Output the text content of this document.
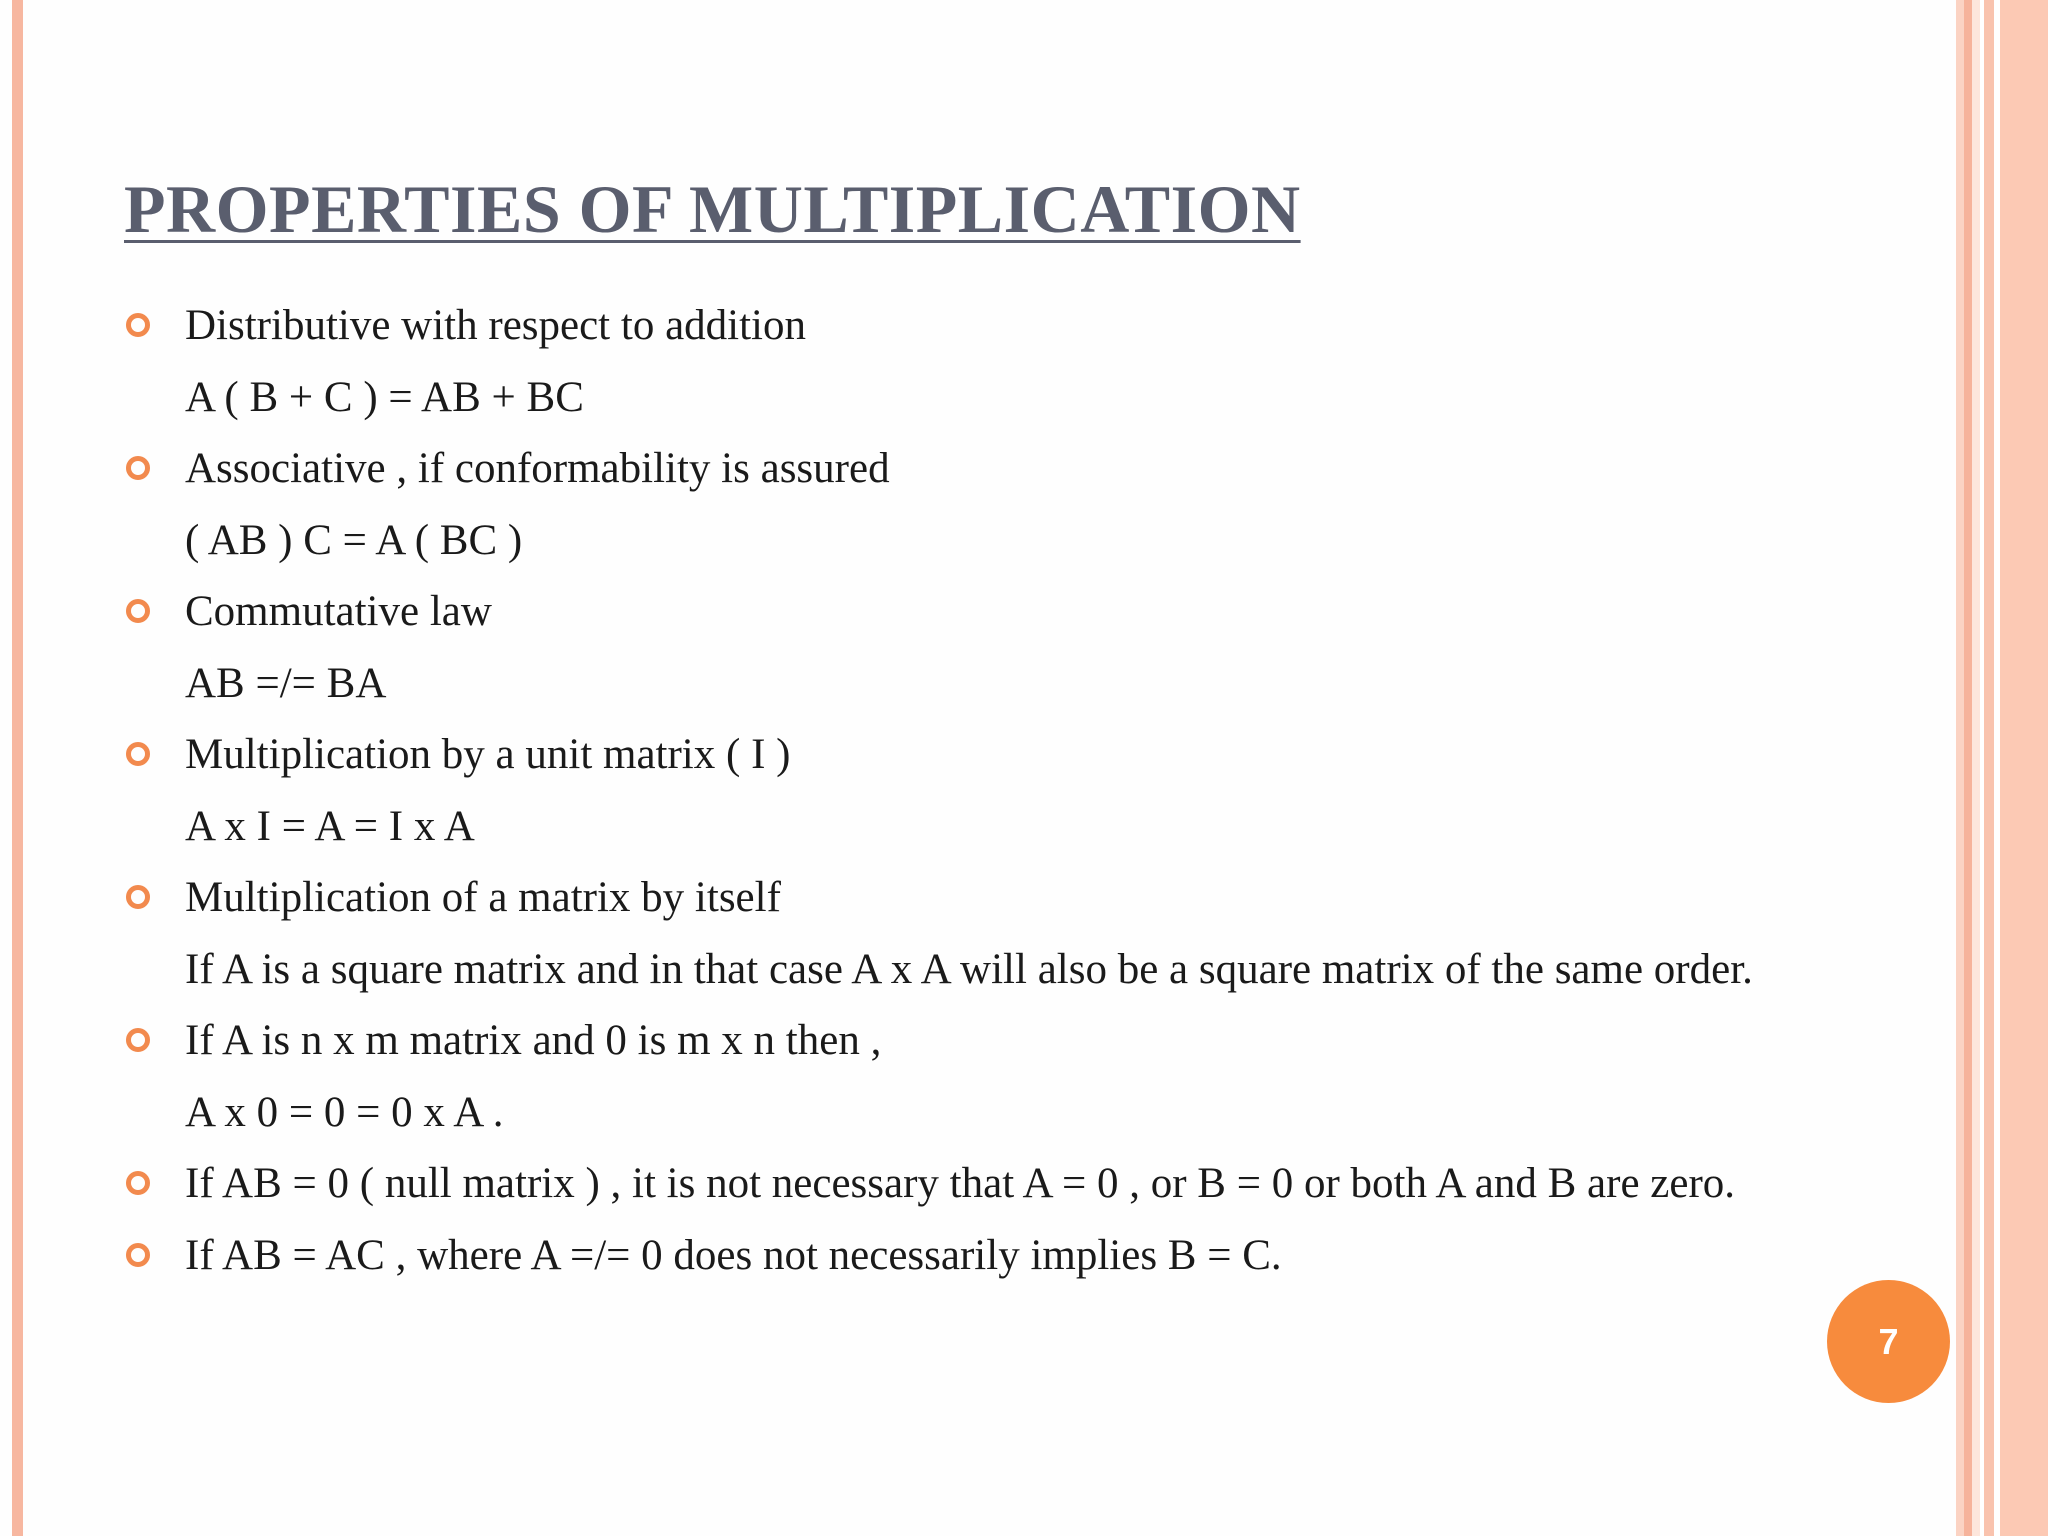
PROPERTIES OF MULTIPLICATION
Distributive with respect to addition
A ( B + C ) = AB + BC
Associative , if conformability is assured
( AB ) C = A ( BC )
Commutative law
AB =/= BA
Multiplication by a unit matrix ( I )
A x I = A = I x A
Multiplication of a matrix by itself
If A is a square matrix and in that case A x A will also be a square matrix of the same order.
If A is n x m matrix and 0 is m x n then ,
A x 0 = 0 = 0 x A .
If AB = 0 ( null matrix ) , it is not necessary that A = 0 , or B = 0 or both A and B are zero.
If AB = AC , where A =/= 0 does not necessarily implies B = C.
7
